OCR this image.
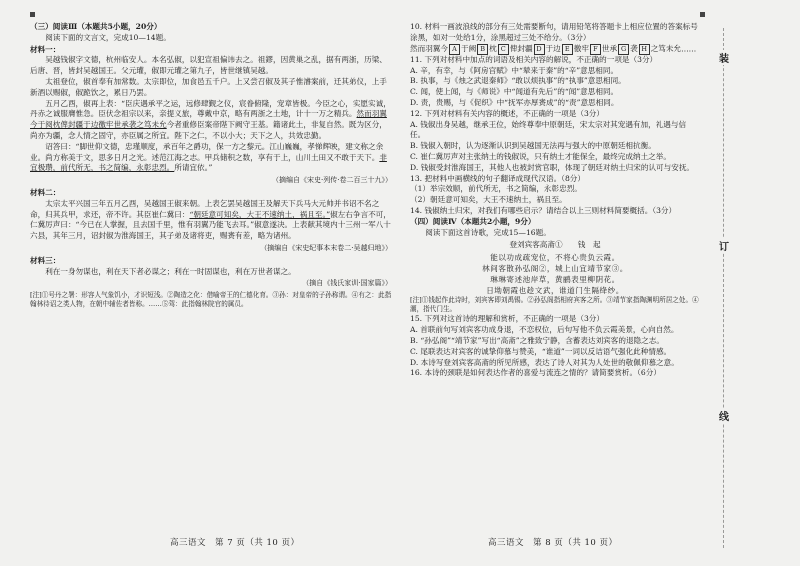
（三）阅读Ⅲ（本题共5小题，20分）

阅读下面的文言文，完成10—14题。

材料一：

吴越钱俶字文德，杭州临安人。本名弘俶，以犯宣祖偏讳去之。祖鏐，因黄巢之乱，据有两浙，历梁、后唐、晋，皆封吴越国王。父元瓘，俶即元瓘之第九子，皆世继镇吴越。

太祖登位，俶首奉有加常数。太宗即位，加食邑五千户。上又尝召俶及其子惟濬案前，迁其弟仪，上手新酒以赐俶，俶跪饮之，累日乃罢。

五月乙酉，俶再上表：“臣庆遇承平之运，远修肆觐之仪，宸眷俯隆，宠章皆极。今臣之心，实愿实诚，丹赤之诚服膺惟急。臣伏念祖宗以来，亲提义旅，尊戴中京，略有两浙之土地，计十一万之精兵。然而羽翼今于阅枕俾封疆于边徼牢世承袭之笃未允今者重修臣案帝陛下阙守王基。籍诸此土，非复自然。既为区分，尚亦为疆，念人情之固守，亦臣属之所宜。陛下之仁，不以小大；天下之人，共效忠勤。

诏答曰：“脚世仰文德，忠瑾顺度，承百年之爵功，保一方之黎元。江山巍巍，孝悌辉映，建文称之余业。尚方称美于文，思多日月之光。述范江海之志。甲兵储积之数，享有于上，山川土田又不敢于天下。非宜极瓒，前代所无，书之简编，永彰忠烈。所请宜依。”

（摘编自《宋史·列传·卷二百三十九》）

材料二：

太宗太平兴国三年五月乙酉，吴越国王俶来朝。上表乞罢吴越国王及解天下兵马大元帅并书诏不名之命，归其兵甲，求还，帝不许。其臣崔仁冀曰：“朝廷意可知矣，大王不速纳土，祸且至。”俶左右争言不可，仁冀厉声曰：“今已在人掌握，且去国千里，惟有羽翼乃能飞去耳。”俶意遂决。上表献其境内十三州一军八十六县，其年三月，诏封俶为淮海国王，其子弟及诸将吏，赐赉有差，略为诸州。

（摘编自《宋史纪事本末卷二·吴越归地》）

材料三：

利在一身勿谋也，利在天下者必谋之；利在一时固谋也，利在万世者谋之。

（摘自《钱氏家训·国家篇》）

[注]①号丹之署：形容人气象饥小，才识短浅。②陶造之化：借喻帝王的仁德化育。③孙：对皇帝的子孙称谓。④有之：此指翰林待诏之类人物，在朝中辅佐者皆称。……⑤驾：此指翰林院官的属员。

高三语文　第 7 页（共 10 页）

10. 材料一画波浪线的部分有三处需要断句，请用铅笔将答题卡上相应位置的答案标号涂黑，如对一处给1分，涂黑超过三处不给分。（3分）

然而羽翼今 A 于阙 B 枕 C 俾封疆 D 于边 E 徼牢 F 世承 G 袭 H 之笃未允……

11. 下列对材料中加点的词语及相关内容的解说，不正确的一项是（3分）

A. 辛，有幸，与《阿房宫赋》中“辇来于秦”的“辛”意思相同。

B. 执事，与《烛之武退秦师》“敢以烦执事”的“执事”意思相同。

C. 闻，使上闻，与《师说》中“闻道有先后”的“闻”意思相同。

D. 责，贵赐，与《促织》中“抚军亦厚赉成”的“责”意思相同。

12. 下列对材料有关内容的概述，不正确的一项是（3分）

A. 钱俶出身吴越，继承王位，始终尊奉中原朝廷，宋太宗对其宠遇有加，礼遇与信任。

B. 钱俶入朝时，认为逐渐认识到吴越国无法再与强大的中原朝廷相抗衡。

C. 崔仁冀厉声对主张纳土的钱俶说，只有纳土才能保全，最终完成纳土之举。

D. 钱俶受封淮海国王，其他人也被封赏官职，体现了朝廷对纳土归宋的认可与安抚。

13. 把材料中画横线的句子翻译成现代汉语。（8分）

（1）举宗效顺，前代所无，书之简编，永彰忠烈。

（2）朝廷意可知矣，大王不速纳土，祸且至。

14. 钱俶纳土归宋，对我们有哪些启示？请结合以上三则材料简要概括。（3分）

（四）阅读Ⅳ（本题共2小题，9分）

阅读下面这首诗歌，完成15—16题。

登刘宾客高斋①　　钱　起

能以功成疏宠位，不将心贵负云霞。

林间客散孙弘阁②，城上山宜靖节家③。

琳琳寄述池岸草，黄鹂表里柳阴花。

日坳朝霞也趁文武，谁道门生隔绛纱。

[注]①钱起作此诗时，刘宾客即刘禹锡。②孙弘阁指相府宾客之所。③靖节家指陶渊明所居之处。④潮，指代门生。

15. 下列对这首诗的理解和赏析，不正确的一项是（3分）

A. 首联前句写刘宾客功成身退，不恋权位，后句写他不负云霞美景，心向自然。

B. “孙弘阁”“靖节家”写出“高斋”之雅致宁静，含蓄表达刘宾客的退隐之志。

C. 尾联表达对宾客的诚挚仰慕与赞美，“谁道”一词以反诘语气强化此种情感。

D. 本诗写登刘宾客高斋的所见所感，表达了诗人对其为人处世的敬佩仰慕之意。

16. 本诗的颈联是如何表达作者的喜爱与流连之情的？请简要赏析。（6分）

高三语文　第 8 页（共 10 页）
装
订
线
